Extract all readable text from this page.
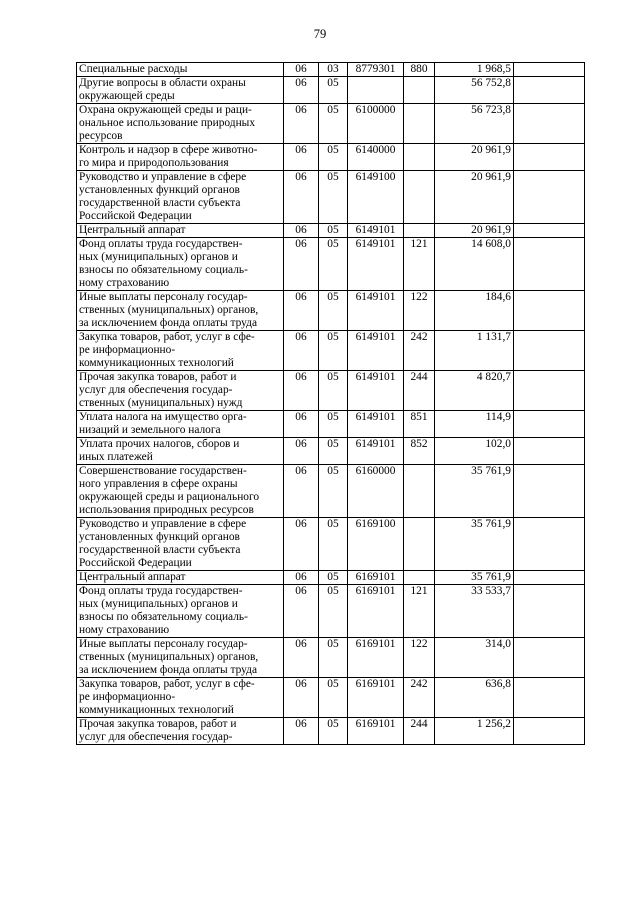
79
Специальные расходы	06	03	8779301	880	1 968,5	

Другие вопросы в области охраны
окружающей среды	06	05			56 752,8	

Охрана окружающей среды и раци-
ональное использование природных
ресурсов	06	05	6100000		56 723,8	

Контроль и надзор в сфере животно-
го мира и природопользования	06	05	6140000		20 961,9	

Руководство и управление в сфере
установленных функций органов
государственной власти субъекта
Российской Федерации	06	05	6149100		20 961,9	

Центральный аппарат	06	05	6149101		20 961,9	

Фонд оплаты труда государствен-
ных (муниципальных) органов и
взносы по обязательному социаль-
ному страхованию	06	05	6149101	121	14 608,0	

Иные выплаты персоналу государ-
ственных (муниципальных) органов,
за исключением фонда оплаты труда	06	05	6149101	122	184,6	

Закупка товаров, работ, услуг в сфе-
ре информационно-
коммуникационных технологий	06	05	6149101	242	1 131,7	

Прочая закупка товаров, работ и
услуг для обеспечения государ-
ственных (муниципальных) нужд	06	05	6149101	244	4 820,7	

Уплата налога на имущество орга-
низаций и земельного налога	06	05	6149101	851	114,9	

Уплата прочих налогов, сборов и
иных платежей	06	05	6149101	852	102,0	

Совершенствование государствен-
ного управления в сфере охраны
окружающей среды и рационального
использования природных ресурсов	06	05	6160000		35 761,9	

Руководство и управление в сфере
установленных функций органов
государственной власти субъекта
Российской Федерации	06	05	6169100		35 761,9	

Центральный аппарат	06	05	6169101		35 761,9	

Фонд оплаты труда государствен-
ных (муниципальных) органов и
взносы по обязательному социаль-
ному страхованию	06	05	6169101	121	33 533,7	

Иные выплаты персоналу государ-
ственных (муниципальных) органов,
за исключением фонда оплаты труда	06	05	6169101	122	314,0	

Закупка товаров, работ, услуг в сфе-
ре информационно-
коммуникационных технологий	06	05	6169101	242	636,8	

Прочая закупка товаров, работ и
услуг для обеспечения государ-	06	05	6169101	244	1 256,2	
